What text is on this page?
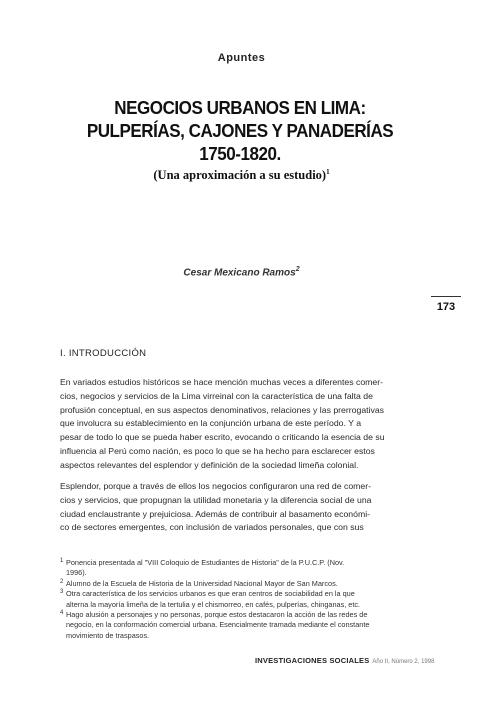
Apuntes
NEGOCIOS URBANOS EN LIMA:
PULPERÍAS, CAJONES Y PANADERÍAS
1750-1820.
(Una aproximación a su estudio)$^1$
Cesar Mexicano Ramos$^2$
173
I. INTRODUCCIÓN
En variados estudios históricos se hace mención muchas veces a diferentes comer-
cios, negocios y servicios de la Lima virreinal con la característica de una falta de
profusión conceptual, en sus aspectos denominativos, relaciones y las prerrogativas
que involucra su establecimiento en la conjunción urbana de este período. Y a
pesar de todo lo que se pueda haber escrito, evocando o criticando la esencia de su
influencia al Perú como nación, es poco lo que se ha hecho para esclarecer estos
aspectos relevantes del esplendor y definición de la sociedad limeña colonial.
Esplendor, porque a través de ellos los negocios configuraron una red de comer-
cios y servicios, que propugnan la utilidad monetaria y la diferencia social de una
ciudad enclaustrante y prejuiciosa. Además de contribuir al basamento económi-
co de sectores emergentes, con inclusión de variados personales, que con sus
1 Ponencia presentada al "VIII Coloquio de Estudiantes de Historia" de la P.U.C.P. (Nov.
1996).
2 Alumno de la Escuela de Historia de la Universidad Nacional Mayor de San Marcos.
3 Otra característica de los servicios urbanos es que eran centros de sociabilidad en la que
alterna la mayoría limeña de la tertulia y el chismorreo, en cafés, pulperías, chinganas, etc.
4 Hago alusión a personajes y no personas, porque estos destacaron la acción de las redes de
negocio, en la conformación comercial urbana. Esencialmente tramada mediante el constante
movimiento de traspasos.
INVESTIGACIONES SOCIALES Año II, Número 2, 1998
